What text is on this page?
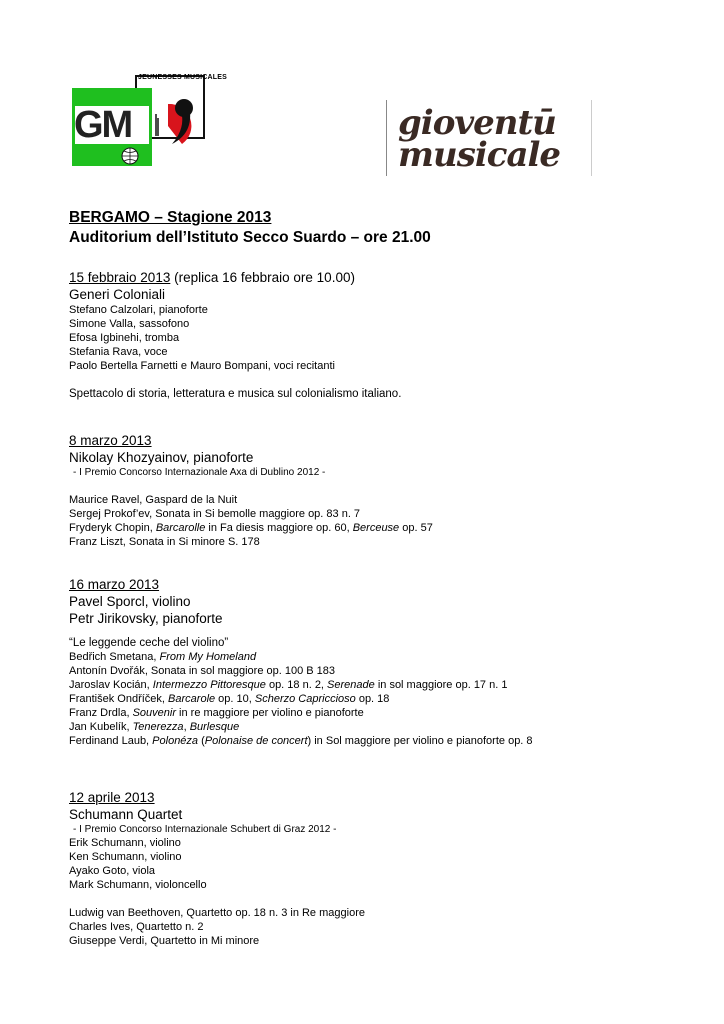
JEUNESSES MUSICALES
GM	gioventū
musicale
BERGAMO – Stagione 2013
Auditorium dell’Istituto Secco Suardo – ore 21.00
15 febbraio 2013 (replica 16 febbraio ore 10.00)
Generi Coloniali
Stefano Calzolari, pianoforte
Simone Valla, sassofono
Efosa Igbinehi, tromba
Stefania Rava, voce
Paolo Bertella Farnetti e Mauro Bompani, voci recitanti
Spettacolo di storia, letteratura e musica sul colonialismo italiano.
8 marzo 2013
Nikolay Khozyainov, pianoforte
- I Premio Concorso Internazionale Axa di Dublino 2012 -
Maurice Ravel, Gaspard de la Nuit
Sergej Prokof’ev, Sonata in Si bemolle maggiore op. 83 n. 7
Fryderyk Chopin, Barcarolle in Fa diesis maggiore op. 60, Berceuse op. 57
Franz Liszt, Sonata in Si minore S. 178
16 marzo 2013
Pavel Sporcl, violino
Petr Jirikovsky, pianoforte
“Le leggende ceche del violino”
Bedřich Smetana, From My Homeland
Antonín Dvořák, Sonata in sol maggiore op. 100 B 183
Jaroslav Kocián, Intermezzo Pittoresque op. 18 n. 2, Serenade in sol maggiore op. 17 n. 1
František Ondříček, Barcarole op. 10, Scherzo Capriccioso op. 18
Franz Drdla, Souvenir in re maggiore per violino e pianoforte
Jan Kubelík, Tenerezza, Burlesque
Ferdinand Laub, Polonéza (Polonaise de concert) in Sol maggiore per violino e pianoforte op. 8
12 aprile 2013
Schumann Quartet
- I Premio Concorso Internazionale Schubert di Graz 2012 -
Erik Schumann, violino
Ken Schumann, violino
Ayako Goto, viola
Mark Schumann, violoncello
Ludwig van Beethoven, Quartetto op. 18 n. 3 in Re maggiore
Charles Ives, Quartetto n. 2
Giuseppe Verdi, Quartetto in Mi minore
